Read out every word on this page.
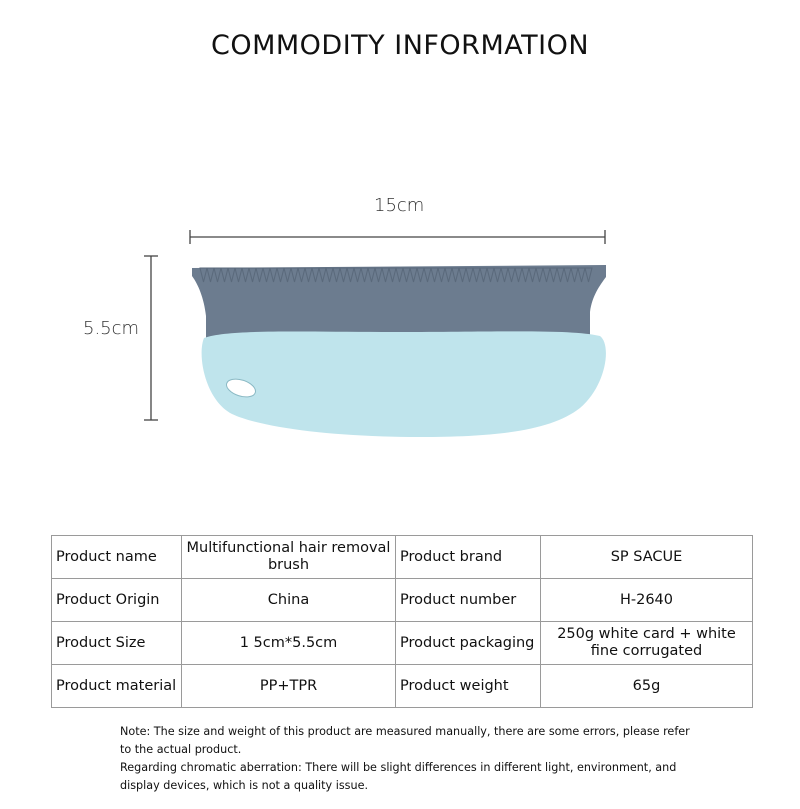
COMMODITY INFORMATION
15cm
5.5cm
Product name	Multifunctional hair removal brush	Product brand	SP SACUE
Product Origin	China	Product number	H-2640
Product Size	1 5cm*5.5cm	Product packaging	250g white card + white fine corrugated
Product material	PP+TPR	Product weight	65g

Note: The size and weight of this product are measured manually, there are some errors, please refer to the actual product.

Regarding chromatic aberration: There will be slight differences in different light, environment, and display devices, which is not a quality issue.
